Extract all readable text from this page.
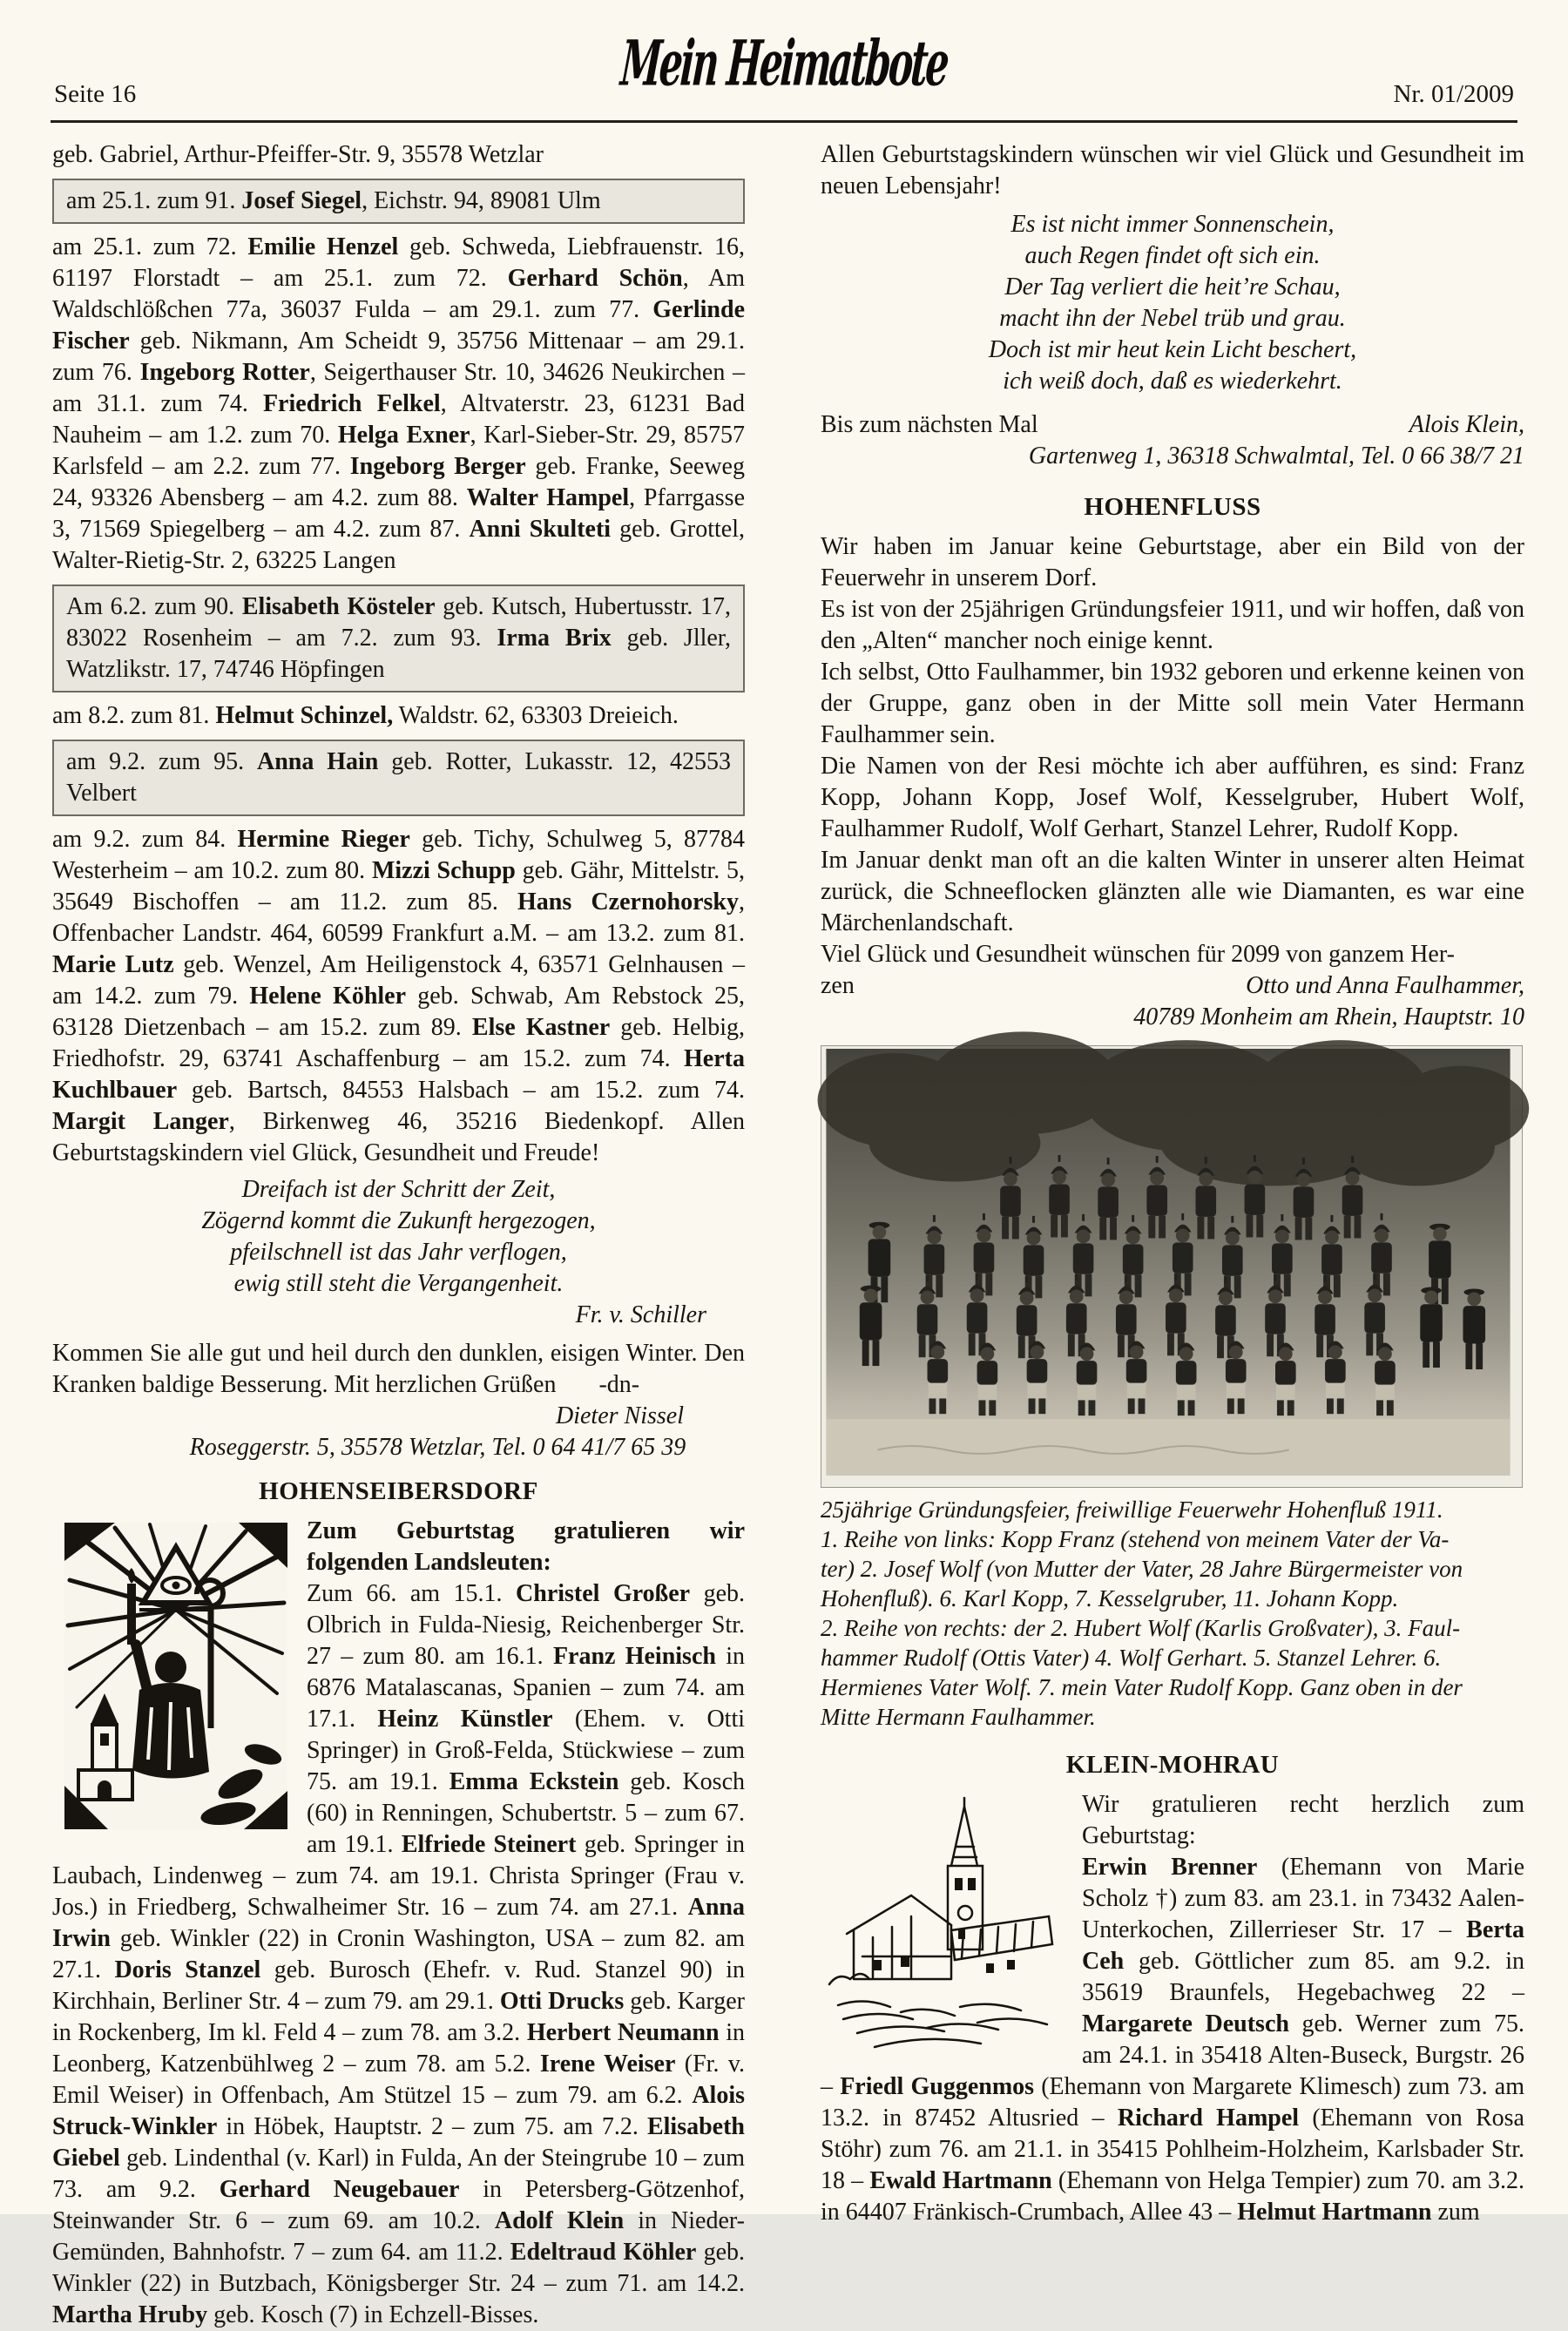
Seite 16	Mein Heimatbote	Nr. 01/2009

geb. Gabriel, Arthur-Pfeiffer-Str. 9, 35578 Wetzlar

am 25.1. zum 91. Josef Siegel, Eichstr. 94, 89081 Ulm

am 25.1. zum 72. Emilie Henzel geb. Schweda, Liebfrauenstr. 16, 61197 Florstadt – am 25.1. zum 72. Gerhard Schön, Am Waldschlößchen 77a, 36037 Fulda – am 29.1. zum 77. Gerlinde Fischer geb. Nikmann, Am Scheidt 9, 35756 Mittenaar – am 29.1. zum 76. Ingeborg Rotter, Seigerthauser Str. 10, 34626 Neukirchen – am 31.1. zum 74. Friedrich Felkel, Altvaterstr. 23, 61231 Bad Nauheim – am 1.2. zum 70. Helga Exner, Karl-Sieber-Str. 29, 85757 Karlsfeld – am 2.2. zum 77. Ingeborg Berger geb. Franke, Seeweg 24, 93326 Abensberg – am 4.2. zum 88. Walter Hampel, Pfarrgasse 3, 71569 Spiegelberg – am 4.2. zum 87. Anni Skulteti geb. Grottel, Walter-Rietig-Str. 2, 63225 Langen

Am 6.2. zum 90. Elisabeth Kösteler geb. Kutsch, Hubertusstr. 17, 83022 Rosenheim – am 7.2. zum 93. Irma Brix geb. Jller, Watzlikstr. 17, 74746 Höpfingen

am 8.2. zum 81. Helmut Schinzel, Waldstr. 62, 63303 Dreieich.

am 9.2. zum 95. Anna Hain geb. Rotter, Lukasstr. 12, 42553 Velbert

am 9.2. zum 84. Hermine Rieger geb. Tichy, Schulweg 5, 87784 Westerheim – am 10.2. zum 80. Mizzi Schupp geb. Gähr, Mittelstr. 5, 35649 Bischoffen – am 11.2. zum 85. Hans Czernohorsky, Offenbacher Landstr. 464, 60599 Frankfurt a.M. – am 13.2. zum 81. Marie Lutz geb. Wenzel, Am Heiligenstock 4, 63571 Gelnhausen – am 14.2. zum 79. Helene Köhler geb. Schwab, Am Rebstock 25, 63128 Dietzenbach – am 15.2. zum 89. Else Kastner geb. Helbig, Friedhofstr. 29, 63741 Aschaffenburg – am 15.2. zum 74. Herta Kuchlbauer geb. Bartsch, 84553 Halsbach – am 15.2. zum 74. Margit Langer, Birkenweg 46, 35216 Biedenkopf. Allen Geburtstagskindern viel Glück, Gesundheit und Freude!

Dreifach ist der Schritt der Zeit,
Zögernd kommt die Zukunft hergezogen,
pfeilschnell ist das Jahr verflogen,
ewig still steht die Vergangenheit.
Fr. v. Schiller

Kommen Sie alle gut und heil durch den dunklen, eisigen Winter. Den Kranken baldige Besserung. Mit herzlichen Grüßen       -dn-

Dieter Nissel
Roseggerstr. 5, 35578 Wetzlar, Tel. 0 64 41/7 65 39
HOHENSEIBERSDORF

Zum Geburtstag gratulieren wir folgenden Landsleuten:

Zum 66. am 15.1. Christel Großer geb. Olbrich in Fulda-Niesig, Reichenberger Str. 27 – zum 80. am 16.1. Franz Heinisch in 6876 Matalascanas, Spanien – zum 74. am 17.1. Heinz Künstler (Ehem. v. Otti Springer) in Groß-Felda, Stückwiese – zum 75. am 19.1. Emma Eckstein geb. Kosch (60) in Renningen, Schubertstr. 5 – zum 67. am 19.1. Elfriede Steinert geb. Springer in Laubach, Lindenweg – zum 74. am 19.1. Christa Springer (Frau v. Jos.) in Friedberg, Schwalheimer Str. 16 – zum 74. am 27.1. Anna Irwin geb. Winkler (22) in Cronin Washington, USA – zum 82. am 27.1. Doris Stanzel geb. Burosch (Ehefr. v. Rud. Stanzel 90) in Kirchhain, Berliner Str. 4 – zum 79. am 29.1. Otti Drucks geb. Karger in Rockenberg, Im kl. Feld 4 – zum 78. am 3.2. Herbert Neumann in Leonberg, Katzenbühlweg 2 – zum 78. am 5.2. Irene Weiser (Fr. v. Emil Weiser) in Offenbach, Am Stützel 15 – zum 79. am 6.2. Alois Struck-Winkler in Höbek, Hauptstr. 2 – zum 75. am 7.2. Elisabeth Giebel geb. Lindenthal (v. Karl) in Fulda, An der Steingrube 10 – zum 73. am 9.2. Gerhard Neugebauer in Petersberg-Götzenhof, Steinwander Str. 6 – zum 69. am 10.2. Adolf Klein in Nieder-Gemünden, Bahnhofstr. 7 – zum 64. am 11.2. Edeltraud Köhler geb. Winkler (22) in Butzbach, Königsberger Str. 24 – zum 71. am 14.2. Martha Hruby geb. Kosch (7) in Echzell-Bisses.

Allen Geburtstagskindern wünschen wir viel Glück und Gesundheit im neuen Lebensjahr!

Es ist nicht immer Sonnenschein,
auch Regen findet oft sich ein.
Der Tag verliert die heit’re Schau,
macht ihn der Nebel trüb und grau.
Doch ist mir heut kein Licht beschert,
ich weiß doch, daß es wiederkehrt.
Bis zum nächsten Mal	Alois Klein,
Gartenweg 1, 36318 Schwalmtal, Tel. 0 66 38/7 21
HOHENFLUSS

Wir haben im Januar keine Geburtstage, aber ein Bild von der Feuerwehr in unserem Dorf.

Es ist von der 25jährigen Gründungsfeier 1911, und wir hoffen, daß von den „Alten“ mancher noch einige kennt.

Ich selbst, Otto Faulhammer, bin 1932 geboren und erkenne keinen von der Gruppe, ganz oben in der Mitte soll mein Vater Hermann Faulhammer sein.

Die Namen von der Resi möchte ich aber aufführen, es sind: Franz Kopp, Johann Kopp, Josef Wolf, Kesselgruber, Hubert Wolf, Faulhammer Rudolf, Wolf Gerhart, Stanzel Lehrer, Rudolf Kopp.

Im Januar denkt man oft an die kalten Winter in unserer alten Heimat zurück, die Schneeflocken glänzten alle wie Diamanten, es war eine Märchenlandschaft.

Viel Glück und Gesundheit wünschen für 2099 von ganzem Her-

zen	Otto und Anna Faulhammer,
40789 Monheim am Rhein, Hauptstr. 10
25jährige Gründungsfeier, freiwillige Feuerwehr Hohenfluß 1911.
1. Reihe von links: Kopp Franz (stehend von meinem Vater der Va-
ter) 2. Josef Wolf (von Mutter der Vater, 28 Jahre Bürgermeister von
Hohenfluß). 6. Karl Kopp, 7. Kesselgruber, 11. Johann Kopp.
2. Reihe von rechts: der 2. Hubert Wolf (Karlis Großvater), 3. Faul-
hammer Rudolf (Ottis Vater) 4. Wolf Gerhart. 5. Stanzel Lehrer. 6.
Hermienes Vater Wolf. 7. mein Vater Rudolf Kopp. Ganz oben in der
Mitte Hermann Faulhammer.
KLEIN-MOHRAU

Wir gratulieren recht herzlich zum Geburtstag:

Erwin Brenner (Ehemann von Marie Scholz †) zum 83. am 23.1. in 73432 Aalen-Unterkochen, Zillerrieser Str. 17 – Berta Ceh geb. Göttlicher zum 85. am 9.2. in 35619 Braunfels, Hegebachweg 22 – Margarete Deutsch geb. Werner zum 75. am 24.1. in 35418 Alten-Buseck, Burgstr. 26 – Friedl Guggenmos (Ehemann von Margarete Klimesch) zum 73. am 13.2. in 87452 Altusried – Richard Hampel (Ehemann von Rosa Stöhr) zum 76. am 21.1. in 35415 Pohlheim-Holzheim, Karlsbader Str. 18 – Ewald Hartmann (Ehemann von Helga Tempier) zum 70. am 3.2. in 64407 Fränkisch-Crumbach, Allee 43 – Helmut Hartmann zum
